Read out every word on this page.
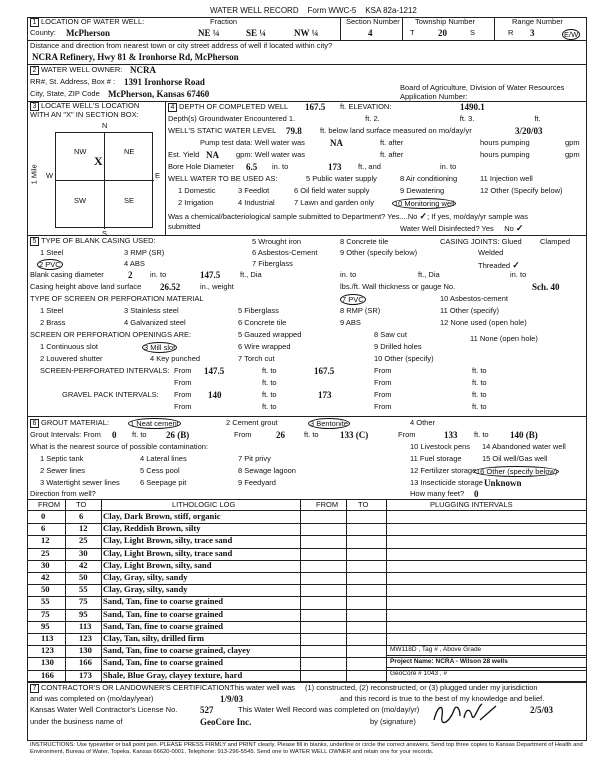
WATER WELL RECORD Form WWC-5 KSA 82a-1212
1 LOCATION OF WATER WELL:
County: McPherson
Fraction
NE ¼	SE ¼	NW ¼
Section Number
4
Township Number
T	20	S
Range Number
R 3	E/W
Distance and direction from nearest town or city street address of well if located within city?
NCRA Refinery, Hwy 81 & Ironhorse Rd, McPherson
2 WATER WELL OWNER: NCRA
RR#, St. Address, Box # : 1391 Ironhorse Road
City, State, ZIP Code McPherson, Kansas 67460
Board of Agriculture, Division of Water Resources
Application Number:
3 LOCATE WELL'S LOCATION WITH AN "X" IN SECTION BOX:
N
S
W	E
1 Mile
NW	NE
SW	SE
X
4 DEPTH OF COMPLETED WELL 167.5 ft. ELEVATION:	1490.1
Depth(s) Groundwater Encountered 1.	ft. 2.	ft. 3.	ft.
WELL'S STATIC WATER LEVEL 79.8 ft. below land surface measured on mo/day/yr	3/20/03
Pump test data: Well water was	NA	ft. after	hours pumping	gpm
Est. Yield NA gpm: Well water was	ft. after	hours pumping	gpm
Bore Hole Diameter 6.5 in. to	173 ft., and	in. to
WELL WATER TO BE USED AS:	5 Public water supply	8 Air conditioning	11 Injection well
1 Domestic	3 Feedlot	6 Oil field water supply	9 Dewatering	12 Other (Specify below)
2 Irrigation	4 Industrial	7 Lawn and garden only	10 Monitoring well
Was a chemical/bacteriological sample submitted to Department? Yes....No ✓; If yes, mo/day/yr sample was
submitted	Water Well Disinfected? Yes No ✓
5 TYPE OF BLANK CASING USED:	5 Wrought iron	8 Concrete tile	CASING JOINTS: Glued Clamped
1 Steel	3 RMP (SR)	6 Asbestos-Cement	9 Other (specify below)	Welded
2 PVC	4 ABS	7 Fiberglass	Threaded ✓
Blank casing diameter	2 in. to	147.5	ft., Dia	in. to	ft., Dia	in. to
Casing height above land surface 26.52	in., weight	lbs./ft. Wall thickness or gauge No.	Sch. 40
TYPE OF SCREEN OR PERFORATION MATERIAL	7 PVC	10 Asbestos-cement
1 Steel	3 Stainless steel	5 Fiberglass	8 RMP (SR)	11 Other (specify)
2 Brass	4 Galvanized steel	6 Concrete tile	9 ABS	12 None used (open hole)
SCREEN OR PERFORATION OPENINGS ARE:	5 Gauzed wrapped	8 Saw cut	11 None (open hole)
1 Continuous slot	3 Mill slot	6 Wire wrapped	9 Drilled holes
2 Louvered shutter	4 Key punched	7 Torch cut	10 Other (specify)
SCREEN-PERFORATED INTERVALS: From 147.5	ft. to	167.5	From	ft. to
From	ft. to	From	ft. to
GRAVEL PACK INTERVALS: From 140	ft. to	173	From	ft. to
From	ft. to	From	ft. to
6 GROUT MATERIAL:	1 Neat cement	2 Cement grout	3 Bentonite	4 Other
Grout Intervals: From 0 ft. to 26 (B)	From	26	ft. to 133 (C)	From	133 ft. to 140 (B)
What is the nearest source of possible contamination:	10 Livestock pens 14 Abandoned water well
1 Septic tank	4 Lateral lines	7 Pit privy	11 Fuel storage	15 Oil well/Gas well
2 Sewer lines	5 Cess pool	8 Sewage lagoon	12 Fertilizer storage 16 Other (specify below)
3 Watertight sewer lines	6 Seepage pit	9 Feedyard	13 Insecticide storage Unknown
Direction from well?	How many feet? 0
FROM TO	LITHOLOGIC LOG	FROM	TO	PLUGGING INTERVALS
0	6 Clay, Dark Brown, stiff, organic
6	12 Clay, Reddish Brown, silty
12	25 Clay, Light Brown, silty, trace sand
25	30 Clay, Light Brown, silty, trace sand
30	42 Clay, Light Brown, silty, sand
42	50 Clay, Gray, silty, sandy
50	55 Clay, Gray, silty, sandy
55	75 Sand, Tan, fine to coarse grained
75	95 Sand, Tan, fine to coarse grained
95	113 Sand, Tan, fine to coarse grained
113	123 Clay, Tan, silty, drilled firm
123	130 Sand, Tan, fine to coarse grained, clayey
130	166 Sand, Tan, fine to coarse grained
166	173 Shale, Blue Gray, clayey texture, hard
MW118D , Tag # , Above Grade
Project Name: NCRA - Wilson 28 wells
GeoCore # 1043 , #
7 CONTRACTOR'S OR LANDOWNER'S CERTIFICATION:
This water well was (1) constructed, (2) reconstructed, or (3) plugged under my jurisdiction
and was completed on (mo/day/year)	1/9/03	and this record is true to the best of my knowledge and belief.
Kansas Water Well Contractor's License No.	527	This Water Well Record was completed on (mo/day/yr)	2/5/03
under the business name of	GeoCore Inc.	by (signature)
INSTRUCTIONS: Use typewriter or ball point pen. PLEASE PRESS FIRMLY and PRINT clearly. Please fill in blanks, underline or circle the correct answers. Send top three copies to Kansas Department of Health and Environment, Bureau of Water, Topeka, Kansas 66620-0001. Telephone: 913-296-5545. Send one to WATER WELL OWNER and retain one for your records.
